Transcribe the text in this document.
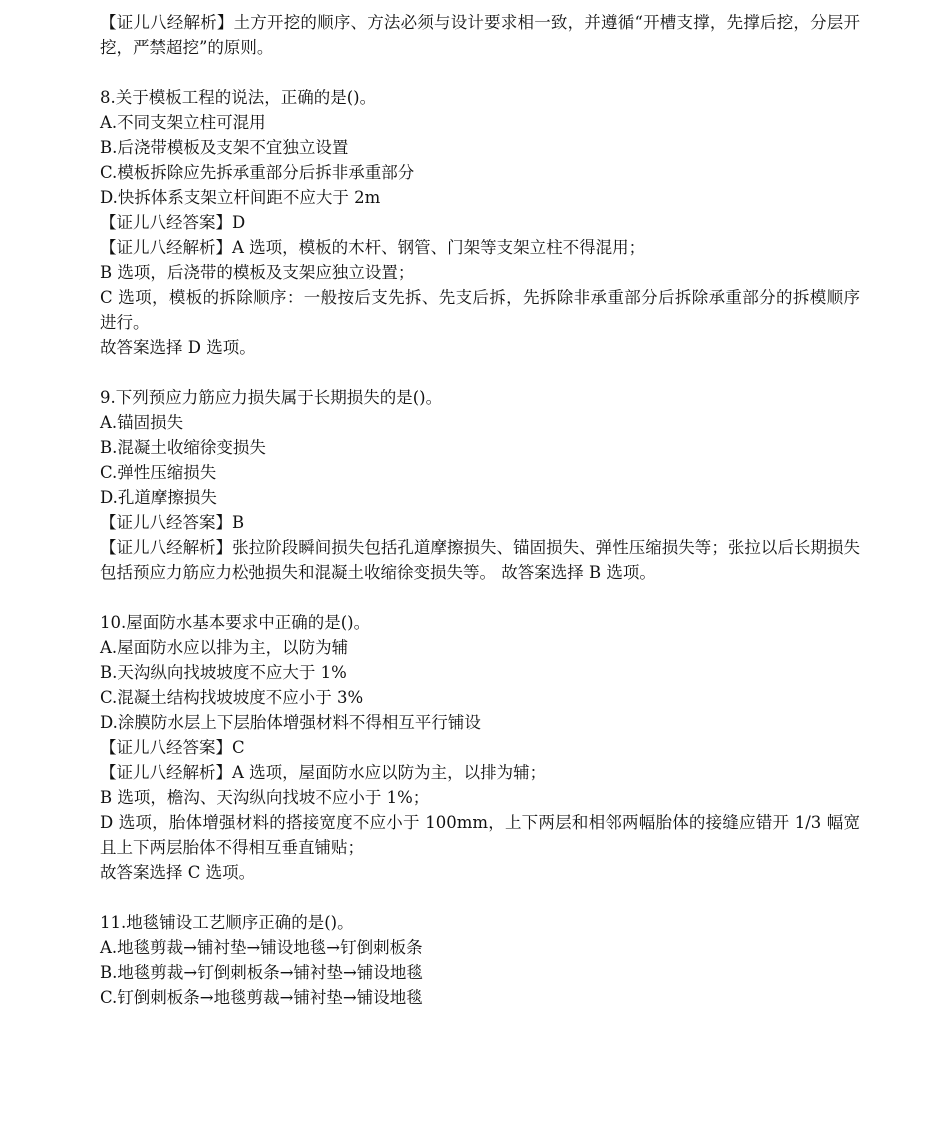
【证儿八经解析】土方开挖的顺序、方法必须与设计要求相一致，并遵循“开槽支撑，先撑后挖，分层开挖，严禁超挖”的原则。
8.关于模板工程的说法，正确的是()。
A.不同支架立柱可混用
B.后浇带模板及支架不宜独立设置
C.模板拆除应先拆承重部分后拆非承重部分
D.快拆体系支架立杆间距不应大于 2m
【证儿八经答案】D
【证儿八经解析】A 选项，模板的木杆、钢管、门架等支架立柱不得混用；
B 选项，后浇带的模板及支架应独立设置；
C 选项，模板的拆除顺序：一般按后支先拆、先支后拆，先拆除非承重部分后拆除承重部分的拆模顺序进行。
故答案选择 D 选项。
9.下列预应力筋应力损失属于长期损失的是()。
A.锚固损失
B.混凝土收缩徐变损失
C.弹性压缩损失
D.孔道摩擦损失
【证儿八经答案】B
【证儿八经解析】张拉阶段瞬间损失包括孔道摩擦损失、锚固损失、弹性压缩损失等；张拉以后长期损失包括预应力筋应力松弛损失和混凝土收缩徐变损失等。 故答案选择 B 选项。
10.屋面防水基本要求中正确的是()。
A.屋面防水应以排为主，以防为辅
B.天沟纵向找坡坡度不应大于 1%
C.混凝土结构找坡坡度不应小于 3%
D.涂膜防水层上下层胎体增强材料不得相互平行铺设
【证儿八经答案】C
【证儿八经解析】A 选项，屋面防水应以防为主，以排为辅；
B 选项，檐沟、天沟纵向找坡不应小于 1%；
D 选项，胎体增强材料的搭接宽度不应小于 100mm，上下两层和相邻两幅胎体的接缝应错开 1/3 幅宽且上下两层胎体不得相互垂直铺贴；
故答案选择 C 选项。
11.地毯铺设工艺顺序正确的是()。
A.地毯剪裁→铺衬垫→铺设地毯→钉倒刺板条
B.地毯剪裁→钉倒刺板条→铺衬垫→铺设地毯
C.钉倒刺板条→地毯剪裁→铺衬垫→铺设地毯
